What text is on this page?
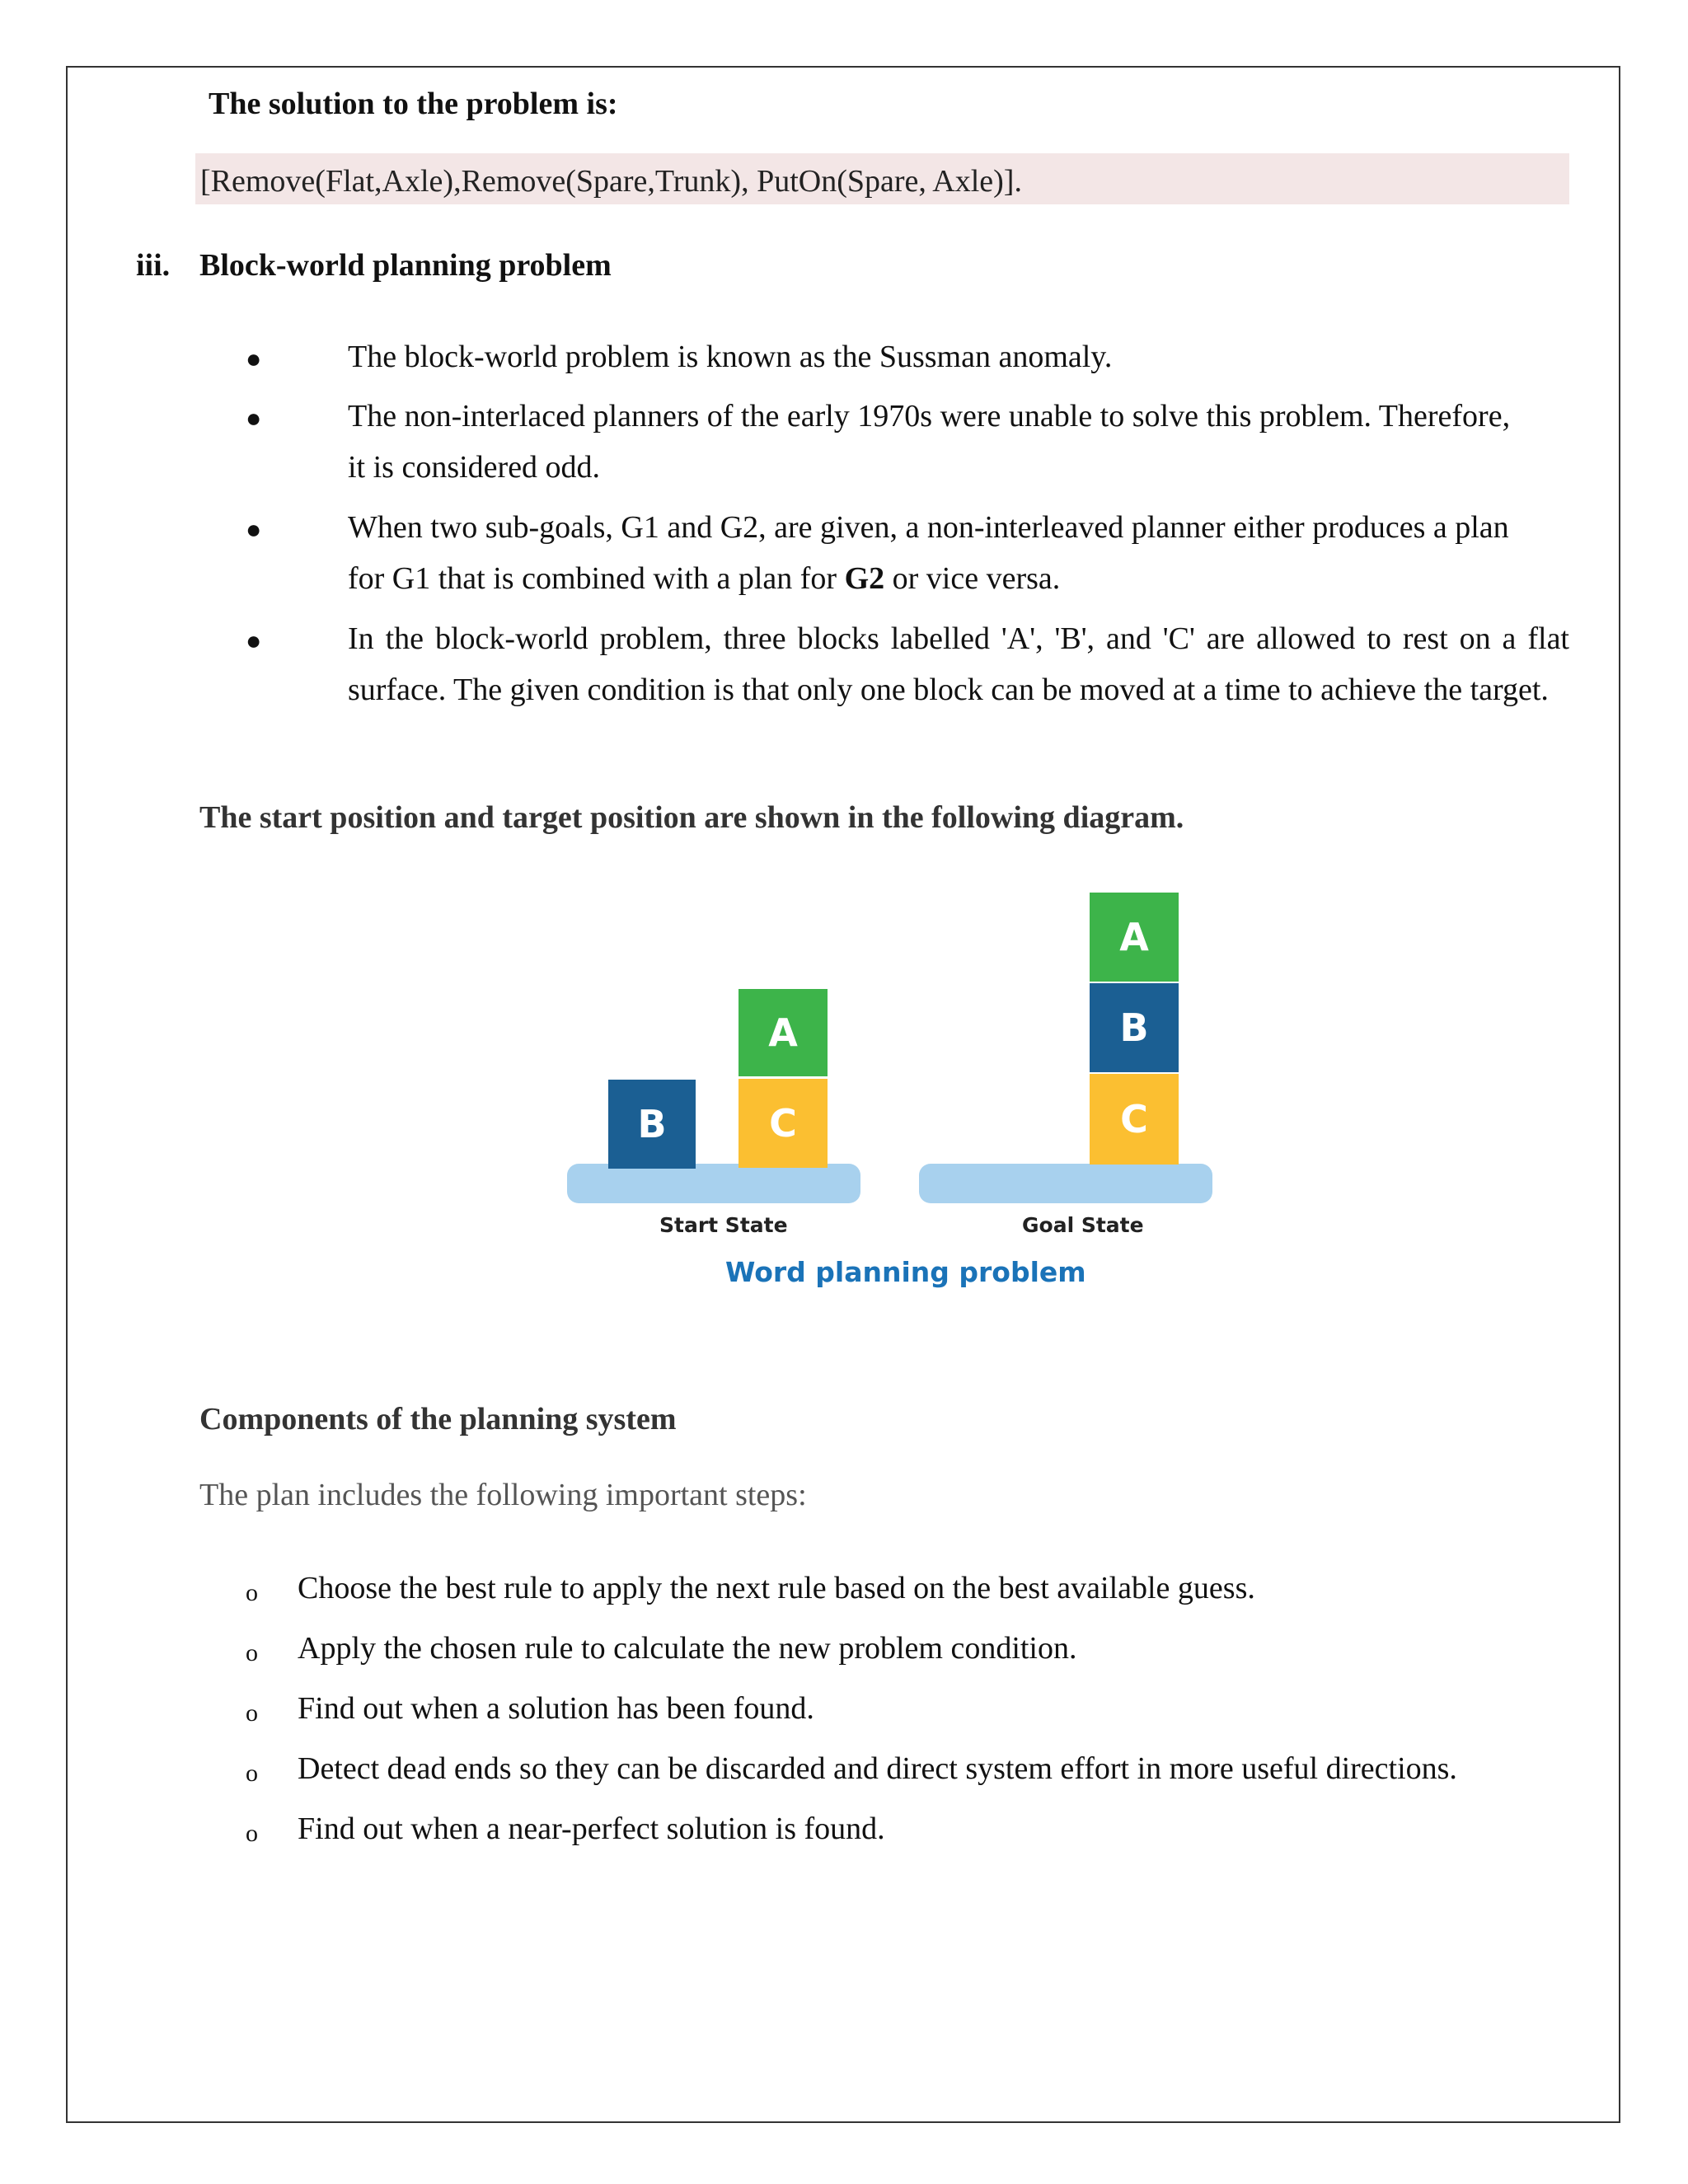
The solution to the problem is:
[Remove(Flat,Axle),Remove(Spare,Trunk), PutOn(Spare, Axle)].
iii. Block-world planning problem
●	The block-world problem is known as the Sussman anomaly.
●	The non-interlaced planners of the early 1970s were unable to solve this problem. Therefore,
it is considered odd.
●	When two sub-goals, G1 and G2, are given, a non-interleaved planner either produces a plan
for G1 that is combined with a plan for G2 or vice versa.
●	In the block-world problem, three blocks labelled 'A', 'B', and 'C' are allowed to rest on a flat surface. The given condition is that only one block can be moved at a time to achieve the target.
The start position and target position are shown in the following diagram.
B
A
C
Start State
A
B
C
Goal State
Word planning problem
Components of the planning system
The plan includes the following important steps:
o Choose the best rule to apply the next rule based on the best available guess.
o Apply the chosen rule to calculate the new problem condition.
o Find out when a solution has been found.
o Detect dead ends so they can be discarded and direct system effort in more useful directions.
o Find out when a near-perfect solution is found.
